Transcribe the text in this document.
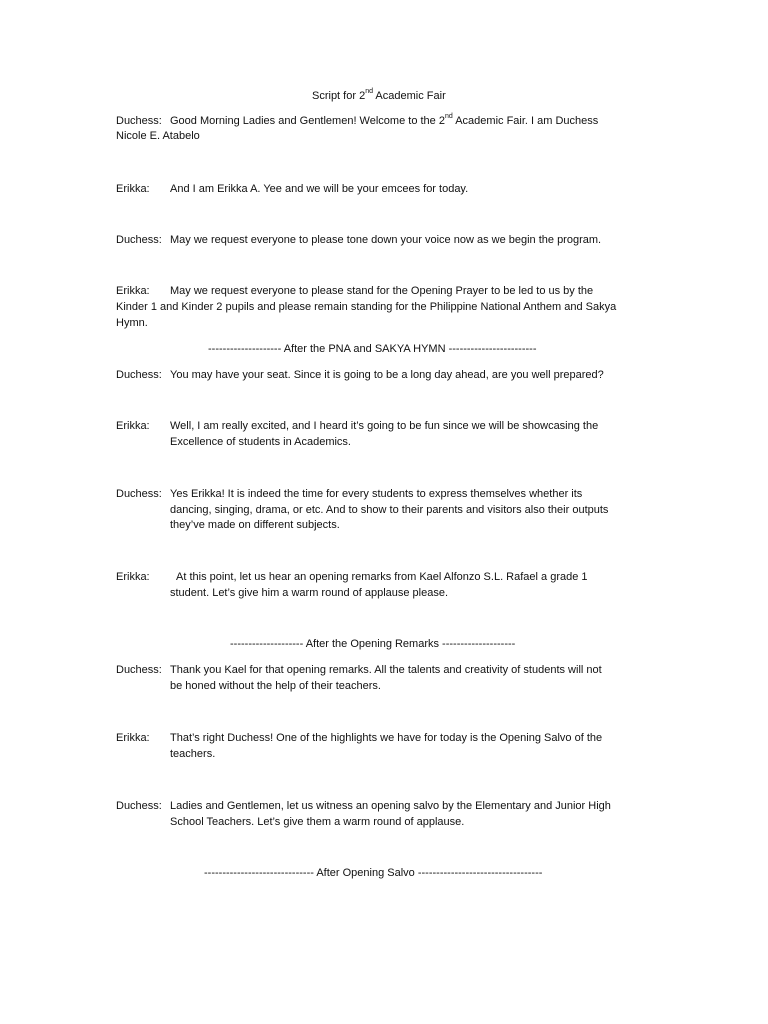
Script for 2nd Academic Fair
Duchess: Good Morning Ladies and Gentlemen! Welcome to the 2nd Academic Fair. I am Duchess
Nicole E. Atabelo
Erikka: And I am Erikka A. Yee and we will be your emcees for today.
Duchess: May we request everyone to please tone down your voice now as we begin the program.
Erikka: May we request everyone to please stand for the Opening Prayer to be led to us by the
Kinder 1 and Kinder 2 pupils and please remain standing for the Philippine National Anthem and Sakya
Hymn.
-------------------- After the PNA and SAKYA HYMN ------------------------
Duchess: You may have your seat. Since it is going to be a long day ahead, are you well prepared?
Erikka: Well, I am really excited, and I heard it’s going to be fun since we will be showcasing the
Excellence of students in Academics.
Duchess: Yes Erikka! It is indeed the time for every students to express themselves whether its
dancing, singing, drama, or etc. And to show to their parents and visitors also their outputs
they’ve made on different subjects.
Erikka: At this point, let us hear an opening remarks from Kael Alfonzo S.L. Rafael a grade 1
student. Let’s give him a warm round of applause please.
-------------------- After the Opening Remarks --------------------
Duchess: Thank you Kael for that opening remarks. All the talents and creativity of students will not
be honed without the help of their teachers.
Erikka: That’s right Duchess! One of the highlights we have for today is the Opening Salvo of the
teachers.
Duchess: Ladies and Gentlemen, let us witness an opening salvo by the Elementary and Junior High
School Teachers. Let’s give them a warm round of applause.
------------------------------ After Opening Salvo ----------------------------------
